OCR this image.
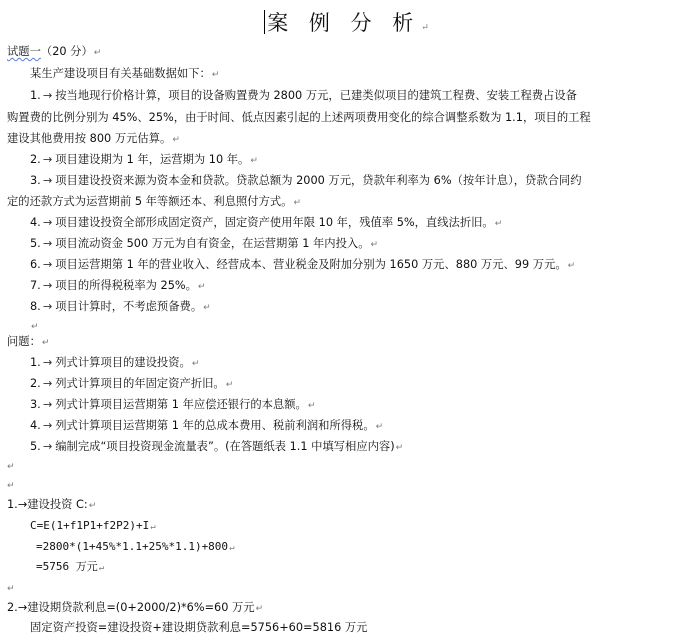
案 例 分 析↵
试题一（20 分）↵
某生产建设项目有关基础数据如下：↵
1. → 按当地现行价格计算，项目的设备购置费为 2800 万元，已建类似项目的建筑工程费、安装工程费占设备
购置费的比例分别为 45%、25%，由于时间、低点因素引起的上述两项费用变化的综合调整系数为 1.1，项目的工程
建设其他费用按 800 万元估算。↵
2. → 项目建设期为 1 年，运营期为 10 年。↵
3. → 项目建设投资来源为资本金和贷款。贷款总额为 2000 万元，贷款年利率为 6%（按年计息），贷款合同约
定的还款方式为运营期前 5 年等额还本、利息照付方式。↵
4. → 项目建设投资全部形成固定资产，固定资产使用年限 10 年，残值率 5%，直线法折旧。↵
5. → 项目流动资金 500 万元为自有资金，在运营期第 1 年内投入。↵
6. → 项目运营期第 1 年的营业收入、经营成本、营业税金及附加分别为 1650 万元、880 万元、99 万元。↵
7. → 项目的所得税税率为 25%。↵
8. → 项目计算时，不考虑预备费。↵
↵
问题：↵
1. → 列式计算项目的建设投资。↵
2. → 列式计算项目的年固定资产折旧。↵
3. → 列式计算项目运营期第 1 年应偿还银行的本息额。↵
4. → 列式计算项目运营期第 1 年的总成本费用、税前利润和所得税。↵
5. → 编制完成“项目投资现金流量表”。(在答题纸表 1.1 中填写相应内容)↵
↵
↵
1.→建设投资 C:↵
C=E(1+f1P1+f2P2)+I↵
=2800*(1+45%*1.1+25%*1.1)+800↵
=5756 万元↵
↵
2.→建设期贷款利息=(0+2000/2)*6%=60 万元↵
固定资产投资=建设投资+建设期贷款利息=5756+60=5816 万元
